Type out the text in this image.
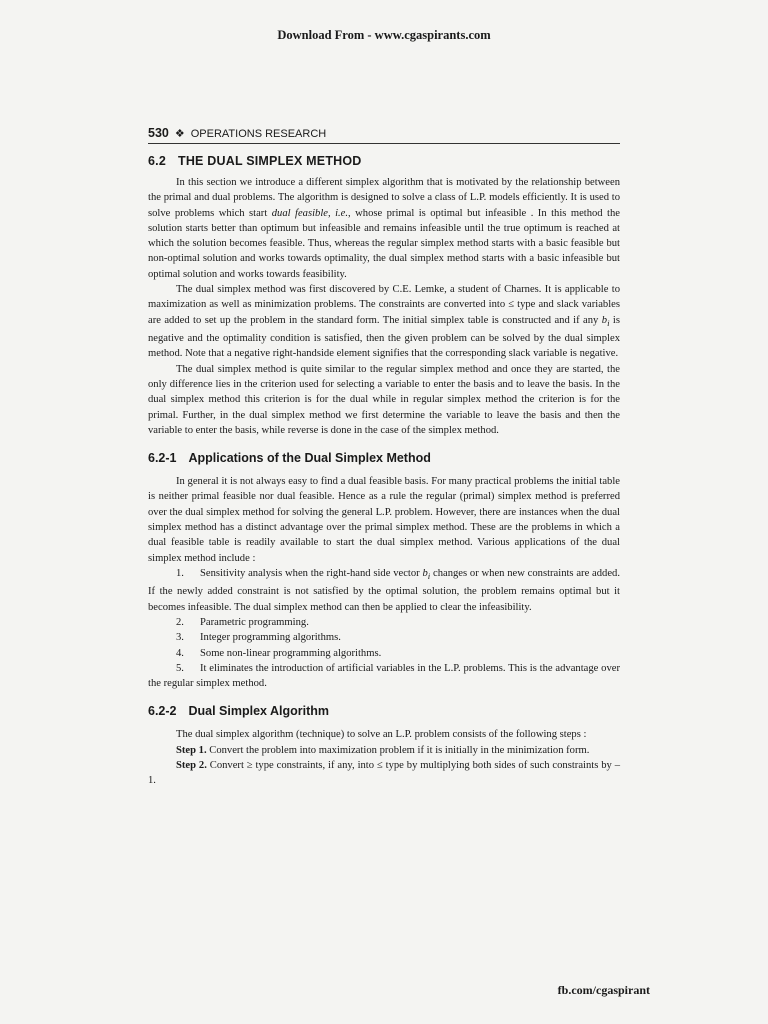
Download From - www.cgaspirants.com
530 ❖ OPERATIONS RESEARCH
6.2 THE DUAL SIMPLEX METHOD

In this section we introduce a different simplex algorithm that is motivated by the relationship between the primal and dual problems. The algorithm is designed to solve a class of L.P. models efficiently. It is used to solve problems which start dual feasible, i.e., whose primal is optimal but infeasible . In this method the solution starts better than optimum but infeasible and remains infeasible until the true optimum is reached at which the solution becomes feasible. Thus, whereas the regular simplex method starts with a basic feasible but non-optimal solution and works towards optimality, the dual simplex method starts with a basic infeasible but optimal solution and works towards feasibility.

The dual simplex method was first discovered by C.E. Lemke, a student of Charnes. It is applicable to maximization as well as minimization problems. The constraints are converted into ≤ type and slack variables are added to set up the problem in the standard form. The initial simplex table is constructed and if any $b_i$ is negative and the optimality condition is satisfied, then the given problem can be solved by the dual simplex method. Note that a negative right-handside element signifies that the corresponding slack variable is negative.

The dual simplex method is quite similar to the regular simplex method and once they are started, the only difference lies in the criterion used for selecting a variable to enter the basis and to leave the basis. In the dual simplex method this criterion is for the dual while in regular simplex method the criterion is for the primal. Further, in the dual simplex method we first determine the variable to leave the basis and then the variable to enter the basis, while reverse is done in the case of the simplex method.

6.2-1 Applications of the Dual Simplex Method

In general it is not always easy to find a dual feasible basis. For many practical problems the initial table is neither primal feasible nor dual feasible. Hence as a rule the regular (primal) simplex method is preferred over the dual simplex method for solving the general L.P. problem. However, there are instances when the dual simplex method has a distinct advantage over the primal simplex method. These are the problems in which a dual feasible table is readily available to start the dual simplex method. Various applications of the dual simplex method include :

1. Sensitivity analysis when the right-hand side vector $b_i$ changes or when new constraints are added. If the newly added constraint is not satisfied by the optimal solution, the problem remains optimal but it becomes infeasible. The dual simplex method can then be applied to clear the infeasibility.

2. Parametric programming.

3. Integer programming algorithms.

4. Some non-linear programming algorithms.

5. It eliminates the introduction of artificial variables in the L.P. problems. This is the advantage over the regular simplex method.

6.2-2 Dual Simplex Algorithm

The dual simplex algorithm (technique) to solve an L.P. problem consists of the following steps :

Step 1. Convert the problem into maximization problem if it is initially in the minimization form.

Step 2. Convert ≥ type constraints, if any, into ≤ type by multiplying both sides of such constraints by – 1.

fb.com/cgaspirant
